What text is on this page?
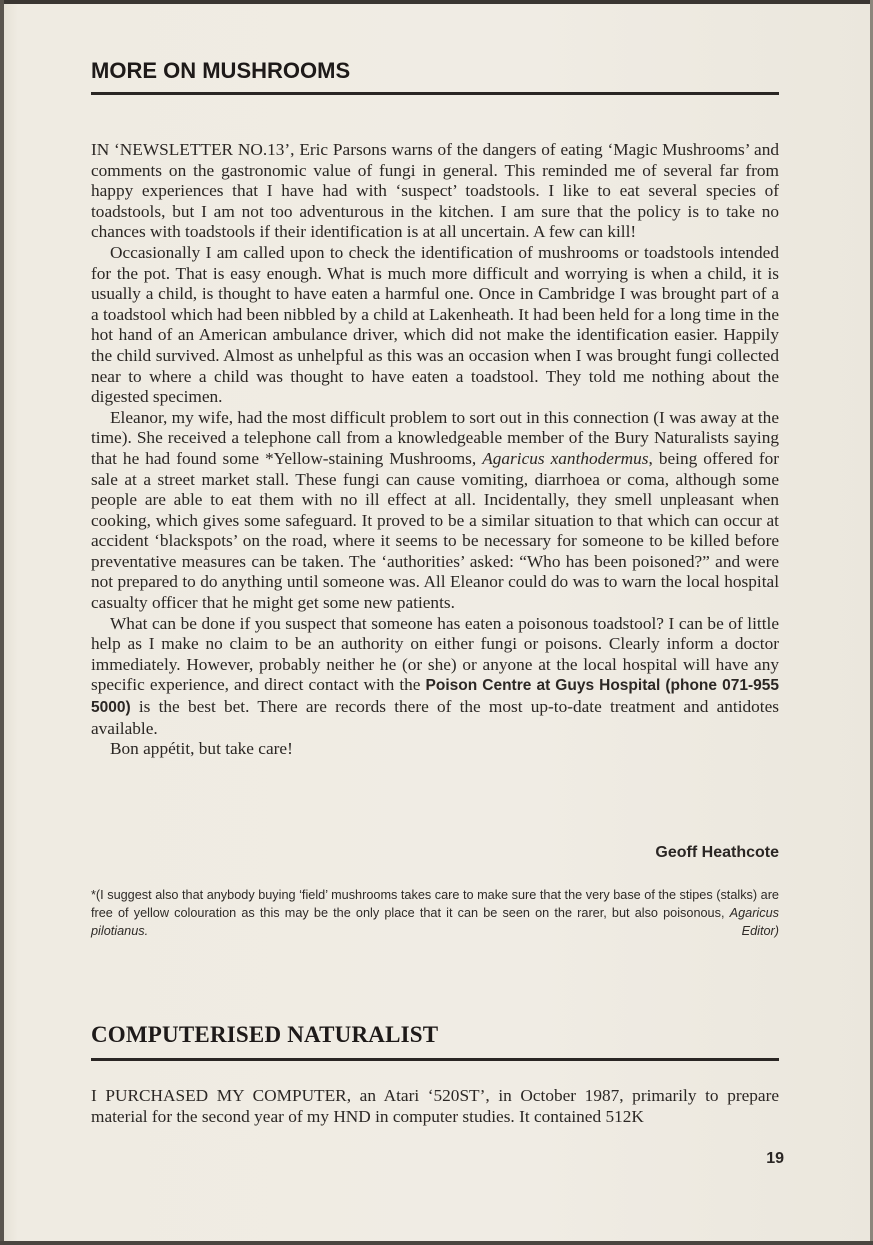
MORE ON MUSHROOMS

IN ‘NEWSLETTER NO.13’, Eric Parsons warns of the dangers of eating ‘Magic Mushrooms’ and comments on the gastronomic value of fungi in general. This reminded me of several far from happy experiences that I have had with ‘suspect’ toadstools. I like to eat several species of toadstools, but I am not too adventurous in the kitchen. I am sure that the policy is to take no chances with toadstools if their identification is at all uncertain. A few can kill!

Occasionally I am called upon to check the identification of mushrooms or toadstools intended for the pot. That is easy enough. What is much more difficult and worrying is when a child, it is usually a child, is thought to have eaten a harmful one. Once in Cambridge I was brought part of a a toadstool which had been nibbled by a child at Lakenheath. It had been held for a long time in the hot hand of an American ambulance driver, which did not make the identification easier. Happily the child survived. Almost as unhelpful as this was an occasion when I was brought fungi collected near to where a child was thought to have eaten a toadstool. They told me nothing about the digested specimen.

Eleanor, my wife, had the most difficult problem to sort out in this connection (I was away at the time). She received a telephone call from a knowledgeable member of the Bury Naturalists saying that he had found some *Yellow-staining Mushrooms, Agaricus xanthodermus, being offered for sale at a street market stall. These fungi can cause vomiting, diarrhoea or coma, although some people are able to eat them with no ill effect at all. Incidentally, they smell unpleasant when cooking, which gives some safeguard. It proved to be a similar situation to that which can occur at accident ‘blackspots’ on the road, where it seems to be necessary for someone to be killed before preventative measures can be taken. The ‘authorities’ asked: “Who has been poisoned?” and were not prepared to do anything until someone was. All Eleanor could do was to warn the local hospital casualty officer that he might get some new patients.

What can be done if you suspect that someone has eaten a poisonous toadstool? I can be of little help as I make no claim to be an authority on either fungi or poisons. Clearly inform a doctor immediately. However, probably neither he (or she) or anyone at the local hospital will have any specific experience, and direct contact with the Poison Centre at Guys Hospital (phone 071-955 5000) is the best bet. There are records there of the most up-to-date treatment and antidotes available.

Bon appétit, but take care!

Geoff Heathcote
*(I suggest also that anybody buying ‘field’ mushrooms takes care to make sure that the very base of the stipes (stalks) are free of yellow colouration as this may be the only place that it can be seen on the rarer, but also poisonous, Agaricus pilotianus.	Editor)
COMPUTERISED NATURALIST
I PURCHASED MY COMPUTER, an Atari ‘520ST’, in October 1987, primarily to prepare material for the second year of my HND in computer studies. It contained 512K
19
